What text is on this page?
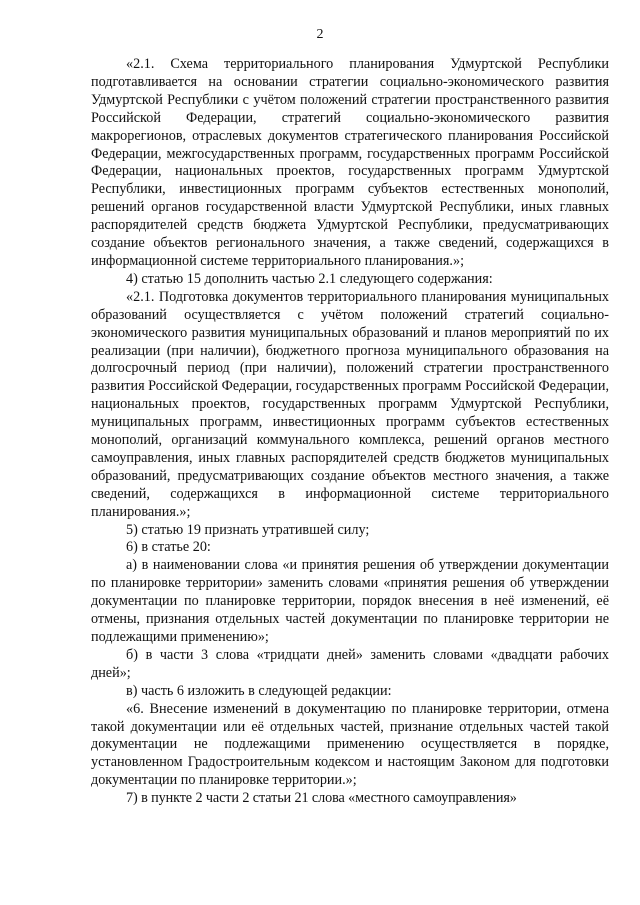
2

«2.1. Схема территориального планирования Удмуртской Республики подготавливается на основании стратегии социально-экономического развития Удмуртской Республики с учётом положений стратегии пространственного развития Российской Федерации, стратегий социально-экономического развития макрорегионов, отраслевых документов стратегического планирования Российской Федерации, межгосударственных программ, государственных программ Российской Федерации, национальных проектов, государственных программ Удмуртской Республики, инвестиционных программ субъектов естественных монополий, решений органов государственной власти Удмуртской Республики, иных главных распорядителей средств бюджета Удмуртской Республики, предусматривающих создание объектов регионального значения, а также сведений, содержащихся в информационной системе территориального планирования.»;

4) статью 15 дополнить частью 2.1 следующего содержания:

«2.1. Подготовка документов территориального планирования муниципальных образований осуществляется с учётом положений стратегий социально-экономического развития муниципальных образований и планов мероприятий по их реализации (при наличии), бюджетного прогноза муниципального образования на долгосрочный период (при наличии), положений стратегии пространственного развития Российской Федерации, государственных программ Российской Федерации, национальных проектов, государственных программ Удмуртской Республики, муниципальных программ, инвестиционных программ субъектов естественных монополий, организаций коммунального комплекса, решений органов местного самоуправления, иных главных распорядителей средств бюджетов муниципальных образований, предусматривающих создание объектов местного значения, а также сведений, содержащихся в информационной системе территориального планирования.»;

5) статью 19 признать утратившей силу;

6) в статье 20:

а) в наименовании слова «и принятия решения об утверждении документации по планировке территории» заменить словами «принятия решения об утверждении документации по планировке территории, порядок внесения в неё изменений, её отмены, признания отдельных частей документации по планировке территории не подлежащими применению»;

б) в части 3 слова «тридцати дней» заменить словами «двадцати рабочих дней»;

в) часть 6 изложить в следующей редакции:

«6. Внесение изменений в документацию по планировке территории, отмена такой документации или её отдельных частей, признание отдельных частей такой документации не подлежащими применению осуществляется в порядке, установленном Градостроительным кодексом и настоящим Законом для подготовки документации по планировке территории.»;

7) в пункте 2 части 2 статьи 21 слова «местного самоуправления»
